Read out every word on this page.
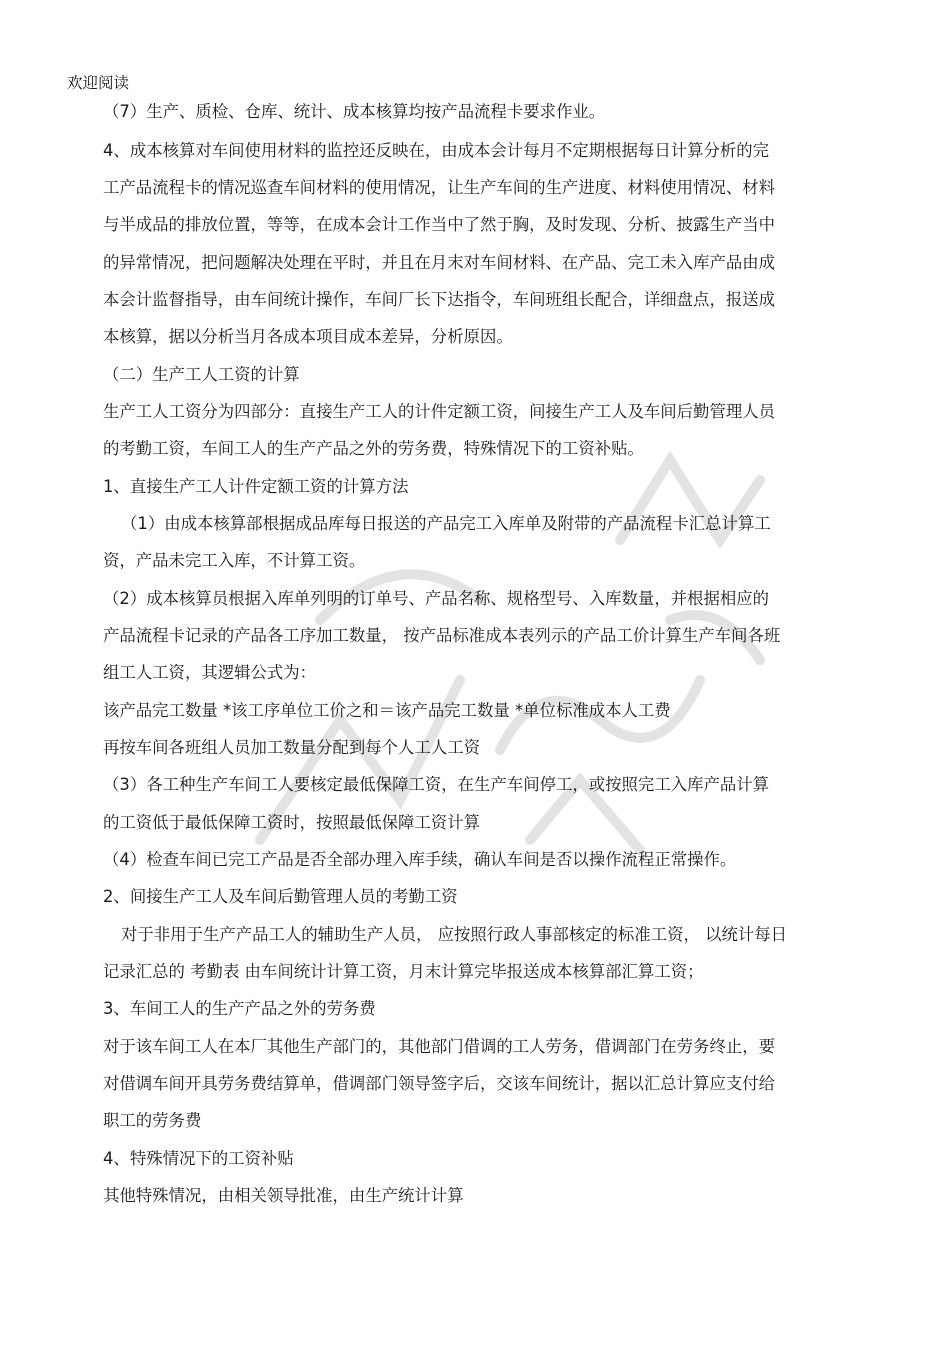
欢迎阅读
（7）生产、质检、仓库、统计、成本核算均按产品流程卡要求作业。
4、成本核算对车间使用材料的监控还反映在，由成本会计每月不定期根据每日计算分析的完
工产品流程卡的情况巡查车间材料的使用情况，让生产车间的生产进度、材料使用情况、材料
与半成品的排放位置，等等，在成本会计工作当中了然于胸，及时发现、分析、披露生产当中
的异常情况，把问题解决处理在平时，并且在月末对车间材料、在产品、完工未入库产品由成
本会计监督指导，由车间统计操作，车间厂长下达指令，车间班组长配合，详细盘点，报送成
本核算，据以分析当月各成本项目成本差异，分析原因。
（二）生产工人工资的计算
生产工人工资分为四部分：直接生产工人的计件定额工资，间接生产工人及车间后勤管理人员
的考勤工资，车间工人的生产产品之外的劳务费，特殊情况下的工资补贴。
1、直接生产工人计件定额工资的计算方法
（1）由成本核算部根据成品库每日报送的产品完工入库单及附带的产品流程卡汇总计算工
资，产品未完工入库，不计算工资。
（2）成本核算员根据入库单列明的订单号、产品名称、规格型号、入库数量，并根据相应的
产品流程卡记录的产品各工序加工数量， 按产品标准成本表列示的产品工价计算生产车间各班
组工人工资，其逻辑公式为：
该产品完工数量 *该工序单位工价之和＝该产品完工数量 *单位标准成本人工费
再按车间各班组人员加工数量分配到每个人工人工资
（3）各工种生产车间工人要核定最低保障工资，在生产车间停工，或按照完工入库产品计算
的工资低于最低保障工资时，按照最低保障工资计算
（4）检查车间已完工产品是否全部办理入库手续，确认车间是否以操作流程正常操作。
2、间接生产工人及车间后勤管理人员的考勤工资
对于非用于生产产品工人的辅助生产人员， 应按照行政人事部核定的标准工资， 以统计每日
记录汇总的 考勤表 由车间统计计算工资，月末计算完毕报送成本核算部汇算工资；
3、车间工人的生产产品之外的劳务费
对于该车间工人在本厂其他生产部门的，其他部门借调的工人劳务，借调部门在劳务终止，要
对借调车间开具劳务费结算单，借调部门领导签字后，交该车间统计，据以汇总计算应支付给
职工的劳务费
4、特殊情况下的工资补贴
其他特殊情况，由相关领导批准，由生产统计计算
